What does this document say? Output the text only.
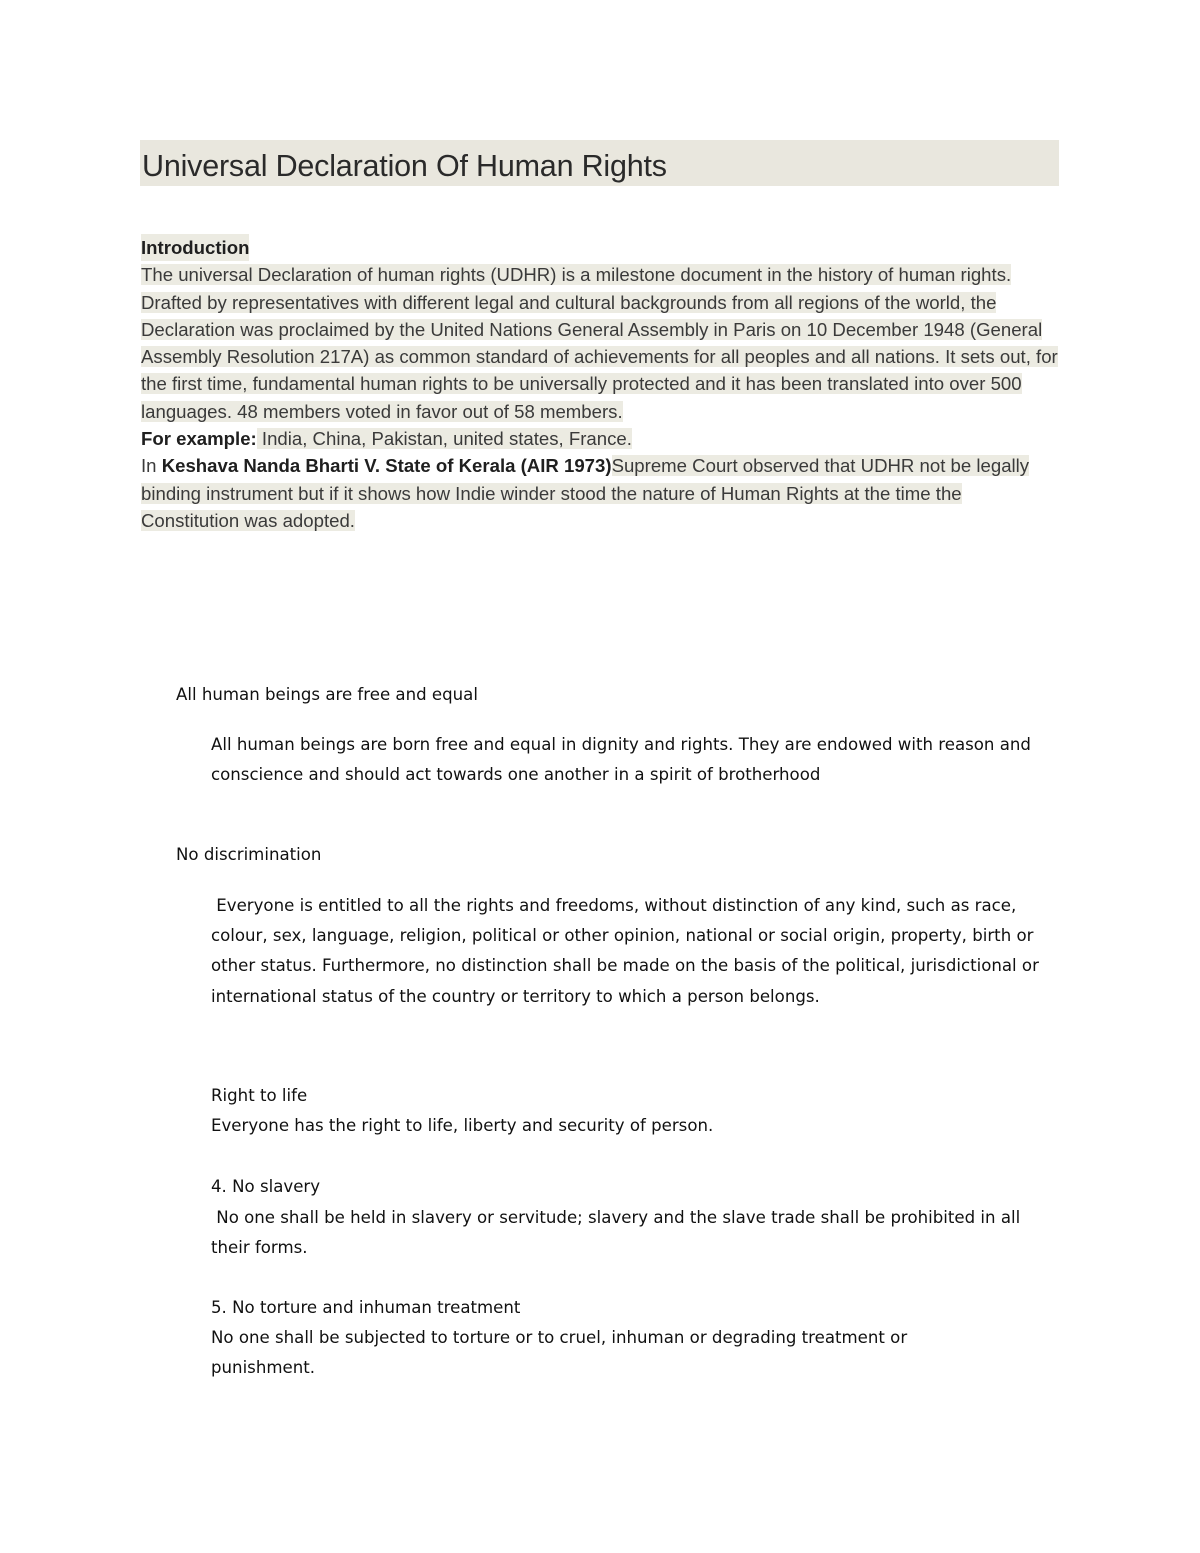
Universal Declaration Of Human Rights
Introduction
The universal Declaration of human rights (UDHR) is a milestone document in the history of human rights. Drafted by representatives with different legal and cultural backgrounds from all regions of the world, the Declaration was proclaimed by the United Nations General Assembly in Paris on 10 December 1948 (General Assembly Resolution 217A) as common standard of achievements for all peoples and all nations. It sets out, for the first time, fundamental human rights to be universally protected and it has been translated into over 500 languages. 48 members voted in favor out of 58 members.
For example: India, China, Pakistan, united states, France.
In Keshava Nanda Bharti V. State of Kerala (AIR 1973)Supreme Court observed that UDHR not be legally binding instrument but if it shows how Indie winder stood the nature of Human Rights at the time the Constitution was adopted.
All human beings are free and equal
All human beings are born free and equal in dignity and rights. They are endowed with reason and conscience and should act towards one another in a spirit of brotherhood
No discrimination
Everyone is entitled to all the rights and freedoms, without distinction of any kind, such as race, colour, sex, language, religion, political or other opinion, national or social origin, property, birth or other status. Furthermore, no distinction shall be made on the basis of the political, jurisdictional or international status of the country or territory to which a person belongs.
Right to life
Everyone has the right to life, liberty and security of person.
4. No slavery
No one shall be held in slavery or servitude; slavery and the slave trade shall be prohibited in all their forms.
5. No torture and inhuman treatment
No one shall be subjected to torture or to cruel, inhuman or degrading treatment or punishment.
